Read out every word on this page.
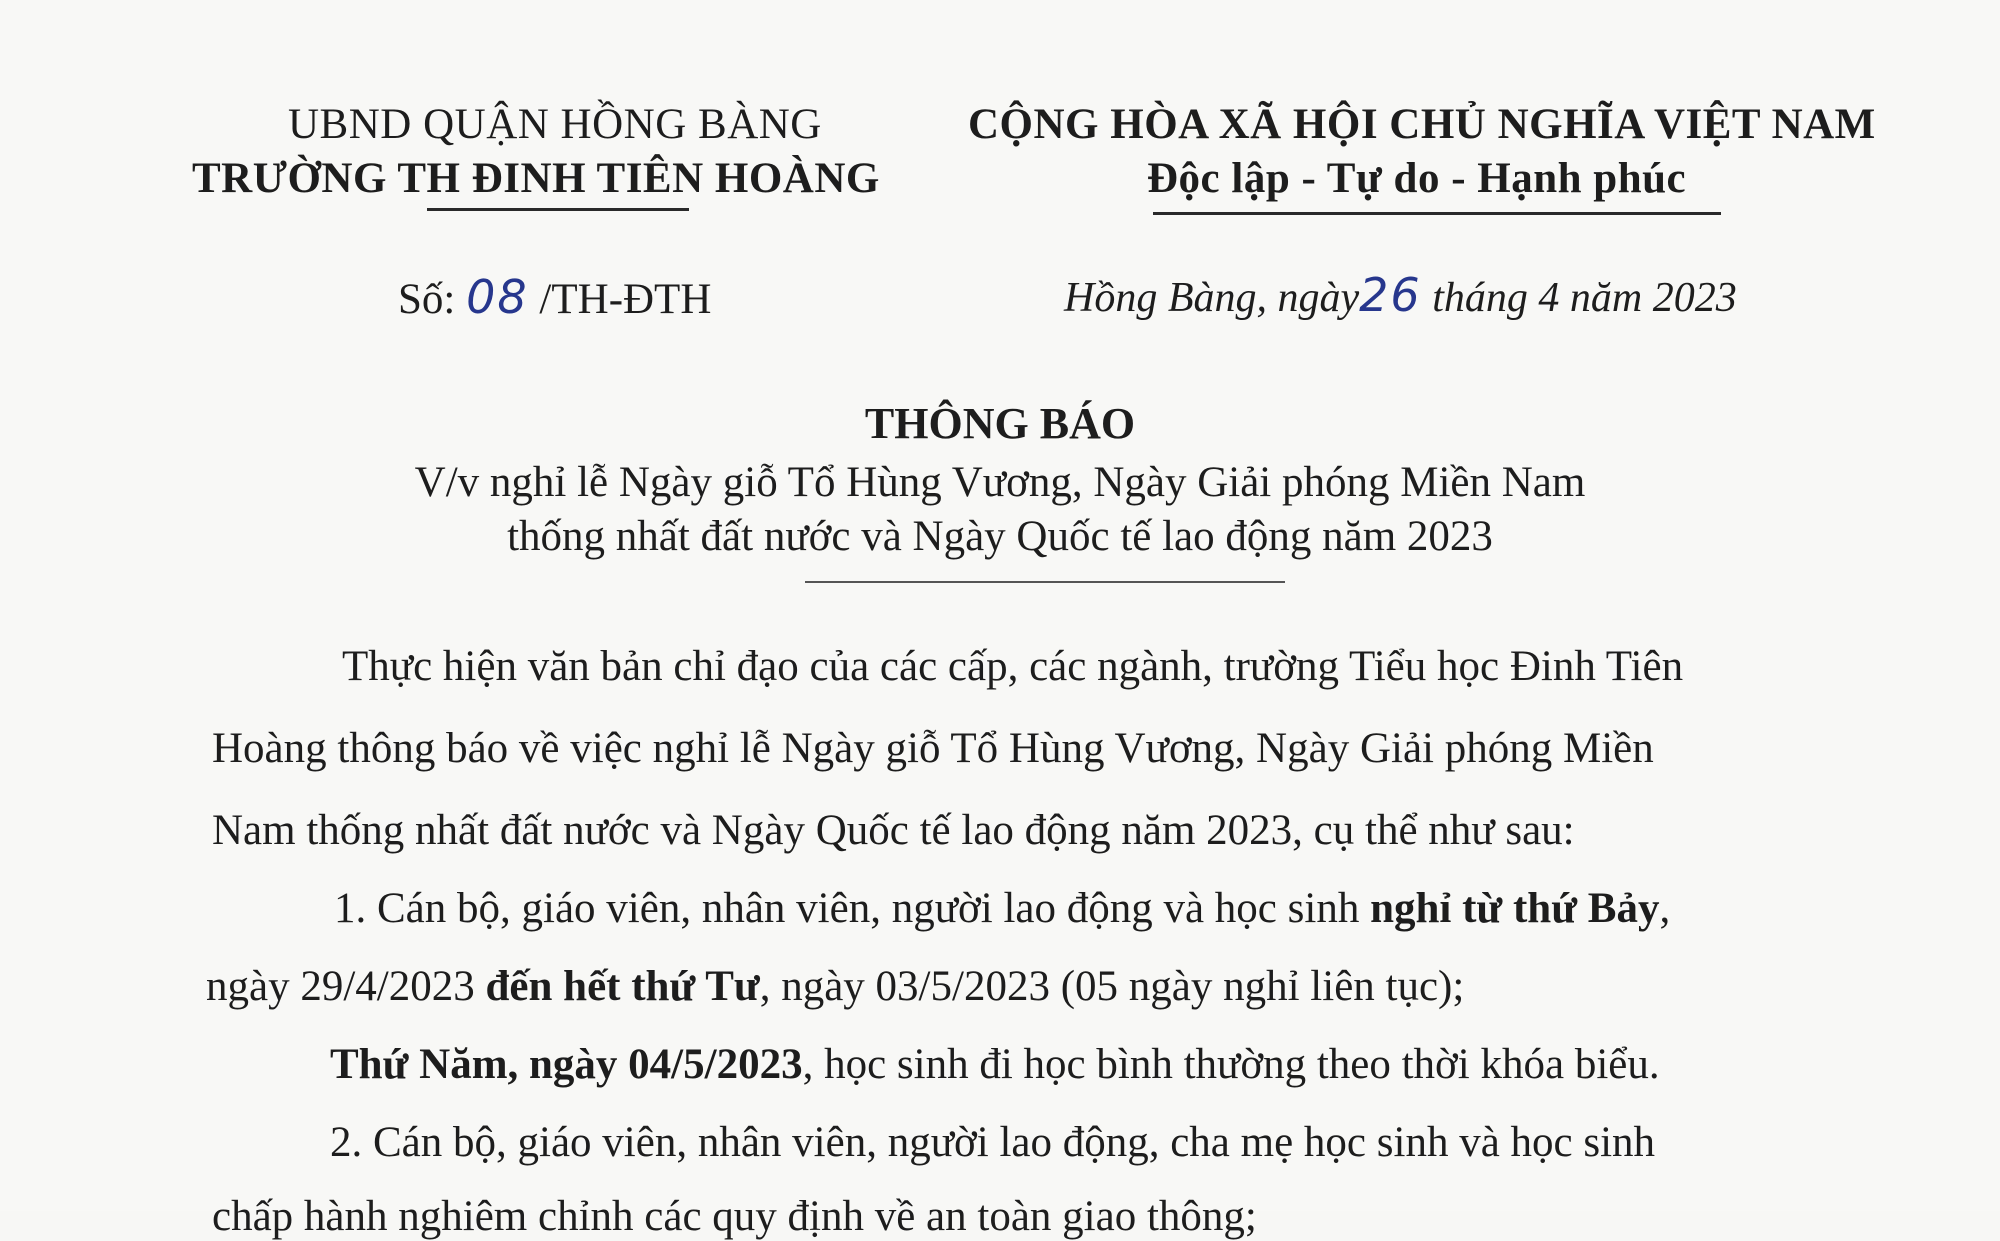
UBND QUẬN HỒNG BÀNG
TRƯỜNG TH ĐINH TIÊN HOÀNG
CỘNG HÒA XÃ HỘI CHỦ NGHĨA VIỆT NAM
Độc lập - Tự do - Hạnh phúc
Số: 08 /TH-ĐTH	Hồng Bàng, ngày26 tháng 4 năm 2023
THÔNG BÁO
V/v nghỉ lễ Ngày giỗ Tổ Hùng Vương, Ngày Giải phóng Miền Nam
thống nhất đất nước và Ngày Quốc tế lao động năm 2023
Thực hiện văn bản chỉ đạo của các cấp, các ngành, trường Tiểu học Đinh Tiên
Hoàng thông báo về việc nghỉ lễ Ngày giỗ Tổ Hùng Vương, Ngày Giải phóng Miền
Nam thống nhất đất nước và Ngày Quốc tế lao động năm 2023, cụ thể như sau:
1. Cán bộ, giáo viên, nhân viên, người lao động và học sinh nghỉ từ thứ Bảy,
ngày 29/4/2023 đến hết thứ Tư, ngày 03/5/2023 (05 ngày nghỉ liên tục);
Thứ Năm, ngày 04/5/2023, học sinh đi học bình thường theo thời khóa biểu.
2. Cán bộ, giáo viên, nhân viên, người lao động, cha mẹ học sinh và học sinh
chấp hành nghiêm chỉnh các quy định về an toàn giao thông;
